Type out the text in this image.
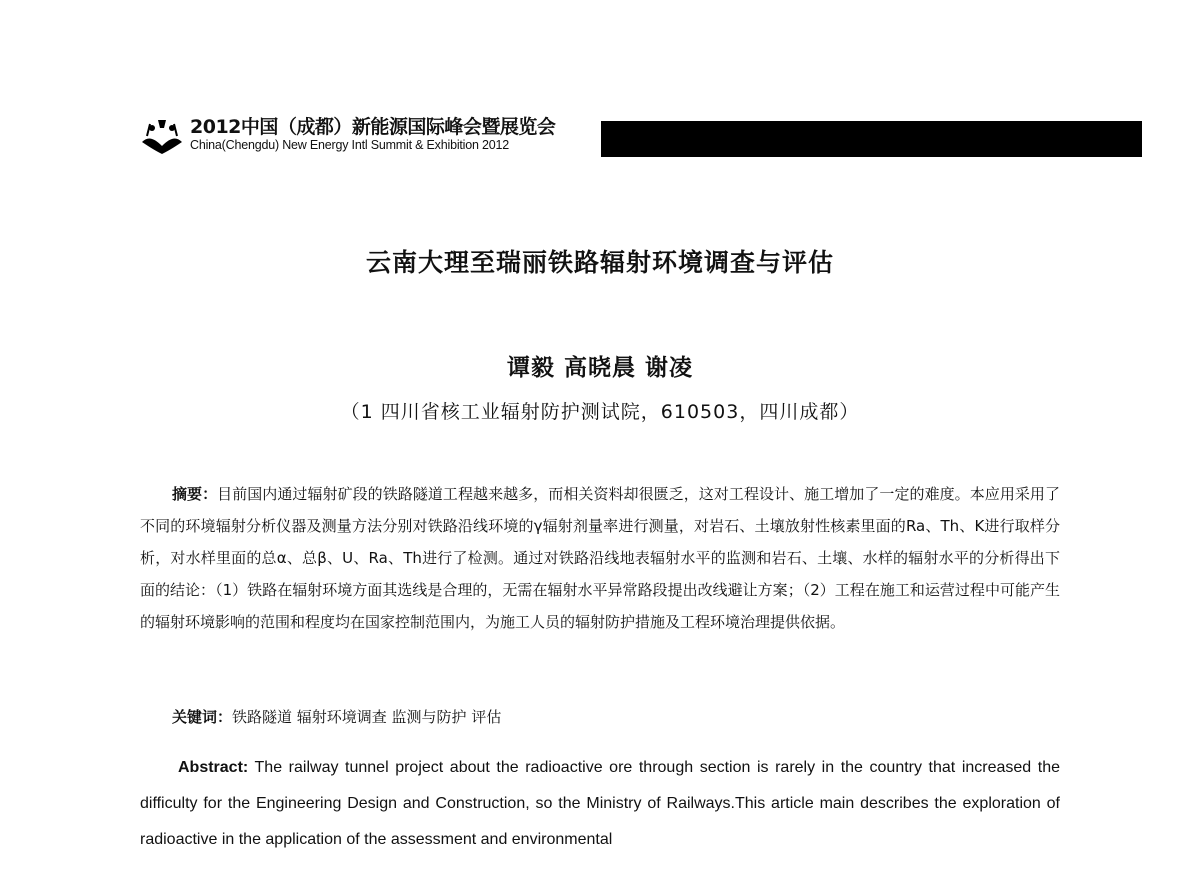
2012中国（成都）新能源国际峰会暨展览会
China(Chengdu) New Energy Intl Summit & Exhibition 2012
云南大理至瑞丽铁路辐射环境调查与评估
谭毅 高晓晨 谢凌
（1 四川省核工业辐射防护测试院，610503，四川成都）

摘要：目前国内通过辐射矿段的铁路隧道工程越来越多，而相关资料却很匮乏，这对工程设计、施工增加了一定的难度。本应用采用了不同的环境辐射分析仪器及测量方法分别对铁路沿线环境的γ辐射剂量率进行测量，对岩石、土壤放射性核素里面的Ra、Th、K进行取样分析，对水样里面的总α、总β、U、Ra、Th进行了检测。通过对铁路沿线地表辐射水平的监测和岩石、土壤、水样的辐射水平的分析得出下面的结论：（1）铁路在辐射环境方面其选线是合理的，无需在辐射水平异常路段提出改线避让方案；（2）工程在施工和运营过程中可能产生的辐射环境影响的范围和程度均在国家控制范围内，为施工人员的辐射防护措施及工程环境治理提供依据。

关键词：铁路隧道 辐射环境调查 监测与防护 评估

Abstract: The railway tunnel project about the radioactive ore through section is rarely in the country that increased the difficulty for the Engineering Design and Construction, so the Ministry of Railways.This article main describes the exploration of radioactive in the application of the assessment and environmental
